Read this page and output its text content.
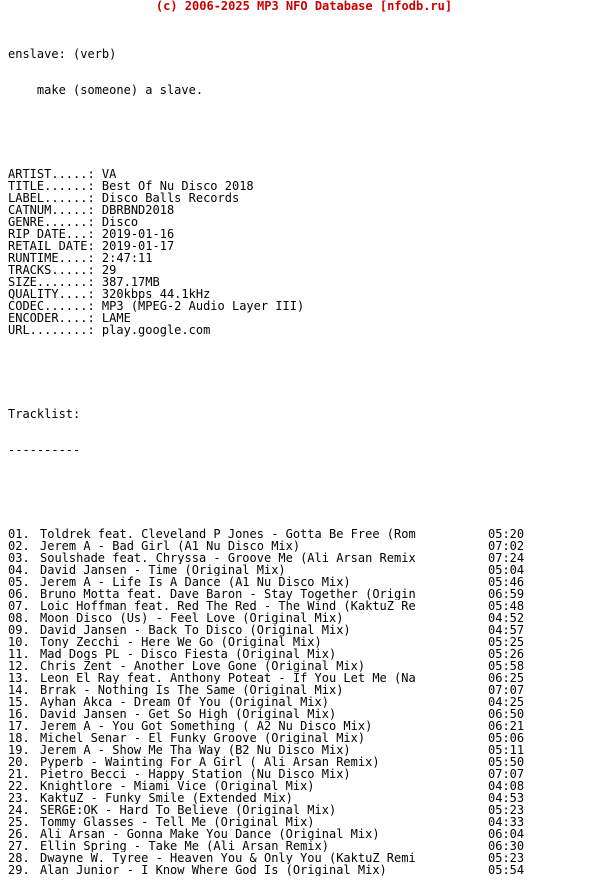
(c) 2006-2025 MP3 NFO Database [nfodb.ru]

enslave: (verb)

make (someone) a slave.

ARTIST.....: VA
TITLE......: Best Of Nu Disco 2018
LABEL......: Disco Balls Records
CATNUM.....: DBRBND2018
GENRE......: Disco
RIP DATE...: 2019-01-16
RETAIL DATE: 2019-01-17
RUNTIME....: 2:47:11
TRACKS.....: 29
SIZE.......: 387.17MB
QUALITY....: 320kbps 44.1kHz
CODEC......: MP3 (MPEG-2 Audio Layer III)
ENCODER....: LAME
URL........: play.google.com

Tracklist:

----------

01. Toldrek feat. Cleveland P Jones - Gotta Be Free (Rom	05:20
02. Jerem A - Bad Girl (A1 Nu Disco Mix)	07:02
03. Soulshade feat. Chryssa - Groove Me (Ali Arsan Remix	07:24
04. David Jansen - Time (Original Mix)	05:04
05. Jerem A - Life Is A Dance (A1 Nu Disco Mix)	05:46
06. Bruno Motta feat. Dave Baron - Stay Together (Origin	06:59
07. Loic Hoffman feat. Red The Red - The Wind (KaktuZ Re	05:48
08. Moon Disco (Us) - Feel Love (Original Mix)	04:52
09. David Jansen - Back To Disco (Original Mix)	04:57
10. Tony Zecchi - Here We Go (Original Mix)	05:25
11. Mad Dogs PL - Disco Fiesta (Original Mix)	05:26
12. Chris Zent - Another Love Gone (Original Mix)	05:58
13. Leon El Ray feat. Anthony Poteat - If You Let Me (Na	06:25
14. Brrak - Nothing Is The Same (Original Mix)	07:07
15. Ayhan Akca - Dream Of You (Original Mix)	04:25
16. David Jansen - Get So High (Original Mix)	06:50
17. Jerem A - You Got Something ( A2 Nu Disco Mix)	06:21
18. Michel Senar - El Funky Groove (Original Mix)	05:06
19. Jerem A - Show Me Tha Way (B2 Nu Disco Mix)	05:11
20. Pyperb - Wainting For A Girl ( Ali Arsan Remix)	05:50
21. Pietro Becci - Happy Station (Nu Disco Mix)	07:07
22. Knightlore - Miami Vice (Original Mix)	04:08
23. KaktuZ - Funky Smile (Extended Mix)	04:53
24. SERGE:OK - Hard To Believe (Original Mix)	05:23
25. Tommy Glasses - Tell Me (Original Mix)	04:33
26. Ali Arsan - Gonna Make You Dance (Original Mix)	06:04
27. Ellin Spring - Take Me (Ali Arsan Remix)	06:30
28. Dwayne W. Tyree - Heaven You & Only You (KaktuZ Remi	05:23
29. Alan Junior - I Know Where God Is (Original Mix)	05:54
